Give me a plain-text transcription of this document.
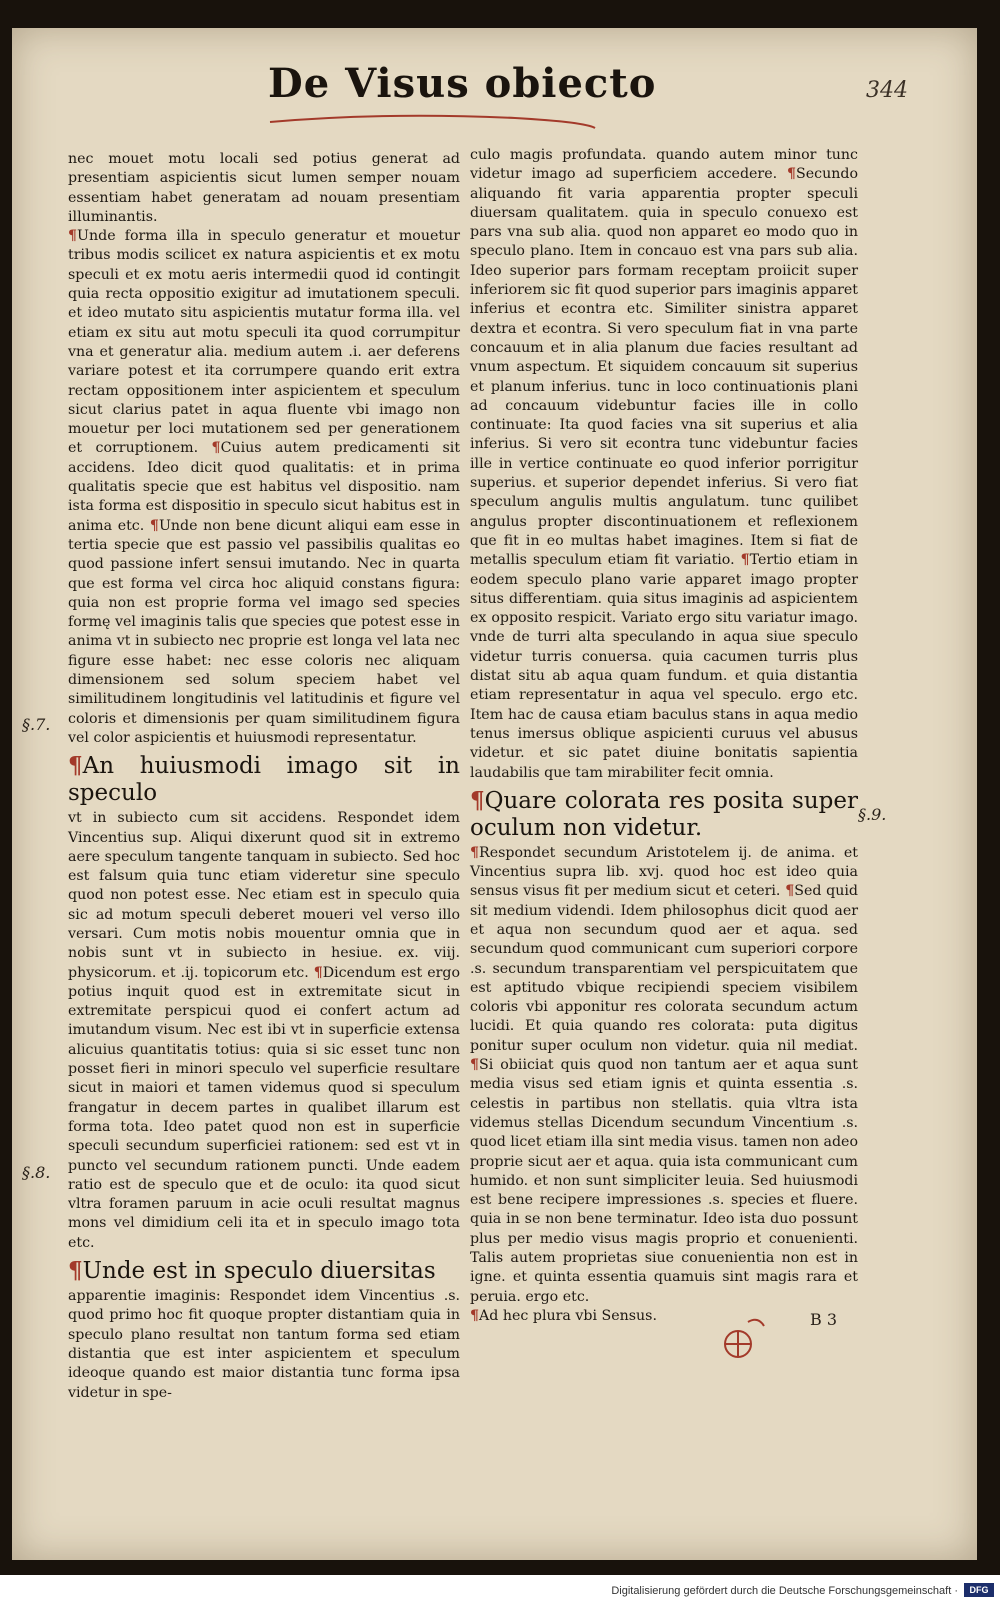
De Visus obiecto	344
§.7.
§.8.
§.9.

nec mouet motu locali sed potius generat ad presentiam aspicientis sicut lumen semper nouam essentiam habet generatam ad nouam presentiam illuminantis.

¶Unde forma illa in speculo generatur et mouetur tribus modis scilicet ex natura aspicientis et ex motu speculi et ex motu aeris intermedii quod id contingit quia recta oppositio exigitur ad imutationem speculi. et ideo mutato situ aspicientis mutatur forma illa. vel etiam ex situ aut motu speculi ita quod corrumpitur vna et generatur alia. medium autem .i. aer deferens variare potest et ita corrumpere quando erit extra rectam oppositionem inter aspicientem et speculum sicut clarius patet in aqua fluente vbi imago non mouetur per loci mutationem sed per generationem et corruptionem. ¶Cuius autem predicamenti sit accidens. Ideo dicit quod qualitatis: et in prima qualitatis specie que est habitus vel dispositio. nam ista forma est dispositio in speculo sicut habitus est in anima etc. ¶Unde non bene dicunt aliqui eam esse in tertia specie que est passio vel passibilis qualitas eo quod passione infert sensui imutando. Nec in quarta que est forma vel circa hoc aliquid constans figura: quia non est proprie forma vel imago sed species formę vel imaginis talis que species que potest esse in anima vt in subiecto nec proprie est longa vel lata nec figure esse habet: nec esse coloris nec aliquam dimensionem sed solum speciem habet vel similitudinem longitudinis vel latitudinis et figure vel coloris et dimensionis per quam similitudinem figura vel color aspicientis et huiusmodi representatur.

¶An huiusmodi imago sit in speculo

vt in subiecto cum sit accidens. Respondet idem Vincentius sup. Aliqui dixerunt quod sit in extremo aere speculum tangente tanquam in subiecto. Sed hoc est falsum quia tunc etiam videretur sine speculo quod non potest esse. Nec etiam est in speculo quia sic ad motum speculi deberet moueri vel verso illo versari. Cum motis nobis mouentur omnia que in nobis sunt vt in subiecto in hesiue. ex. viij. physicorum. et .ij. topicorum etc. ¶Dicendum est ergo potius inquit quod est in extremitate sicut in extremitate perspicui quod ei confert actum ad imutandum visum. Nec est ibi vt in superficie extensa alicuius quantitatis totius: quia si sic esset tunc non posset fieri in minori speculo vel superficie resultare sicut in maiori et tamen videmus quod si speculum frangatur in decem partes in qualibet illarum est forma tota. Ideo patet quod non est in superficie speculi secundum superficiei rationem: sed est vt in puncto vel secundum rationem puncti. Unde eadem ratio est de speculo que et de oculo: ita quod sicut vltra foramen paruum in acie oculi resultat magnus mons vel dimidium celi ita et in speculo imago tota etc.

¶Unde est in speculo diuersitas

apparentie imaginis: Respondet idem Vincentius .s. quod primo hoc fit quoque propter distantiam quia in speculo plano resultat non tantum forma sed etiam distantia que est inter aspicientem et speculum ideoque quando est maior distantia tunc forma ipsa videtur in spe-

culo magis profundata. quando autem minor tunc videtur imago ad superficiem accedere. ¶Secundo aliquando fit varia apparentia propter speculi diuersam qualitatem. quia in speculo conuexo est pars vna sub alia. quod non apparet eo modo quo in speculo plano. Item in concauo est vna pars sub alia. Ideo superior pars formam receptam proiicit super inferiorem sic fit quod superior pars imaginis apparet inferius et econtra etc. Similiter sinistra apparet dextra et econtra. Si vero speculum fiat in vna parte concauum et in alia planum due facies resultant ad vnum aspectum. Et siquidem concauum sit superius et planum inferius. tunc in loco continuationis plani ad concauum videbuntur facies ille in collo continuate: Ita quod facies vna sit superius et alia inferius. Si vero sit econtra tunc videbuntur facies ille in vertice continuate eo quod inferior porrigitur superius. et superior dependet inferius. Si vero fiat speculum angulis multis angulatum. tunc quilibet angulus propter discontinuationem et reflexionem que fit in eo multas habet imagines. Item si fiat de metallis speculum etiam fit variatio. ¶Tertio etiam in eodem speculo plano varie apparet imago propter situs differentiam. quia situs imaginis ad aspicientem ex opposito respicit. Variato ergo situ variatur imago. vnde de turri alta speculando in aqua siue speculo videtur turris conuersa. quia cacumen turris plus distat situ ab aqua quam fundum. et quia distantia etiam representatur in aqua vel speculo. ergo etc. Item hac de causa etiam baculus stans in aqua medio tenus imersus oblique aspicienti curuus vel abusus videtur. et sic patet diuine bonitatis sapientia laudabilis que tam mirabiliter fecit omnia.

¶Quare colorata res posita super oculum non videtur.

¶Respondet secundum Aristotelem ij. de anima. et Vincentius supra lib. xvj. quod hoc est ideo quia sensus visus fit per medium sicut et ceteri. ¶Sed quid sit medium videndi. Idem philosophus dicit quod aer et aqua non secundum quod aer et aqua. sed secundum quod communicant cum superiori corpore .s. secundum transparentiam vel perspicuitatem que est aptitudo vbique recipiendi speciem visibilem coloris vbi apponitur res colorata secundum actum lucidi. Et quia quando res colorata: puta digitus ponitur super oculum non videtur. quia nil mediat. ¶Si obiiciat quis quod non tantum aer et aqua sunt media visus sed etiam ignis et quinta essentia .s. celestis in partibus non stellatis. quia vltra ista videmus stellas Dicendum secundum Vincentium .s. quod licet etiam illa sint media visus. tamen non adeo proprie sicut aer et aqua. quia ista communicant cum humido. et non sunt simpliciter leuia. Sed huiusmodi est bene recipere impressiones .s. species et fluere. quia in se non bene terminatur. Ideo ista duo possunt plus per medio visus magis proprio et conuenienti. Talis autem proprietas siue conuenientia non est in igne. et quinta essentia quamuis sint magis rara et peruia. ergo etc.

¶Ad hec plura vbi Sensus.	B 3
Digitalisierung gefördert durch die Deutsche Forschungsgemeinschaft ·	DFG
